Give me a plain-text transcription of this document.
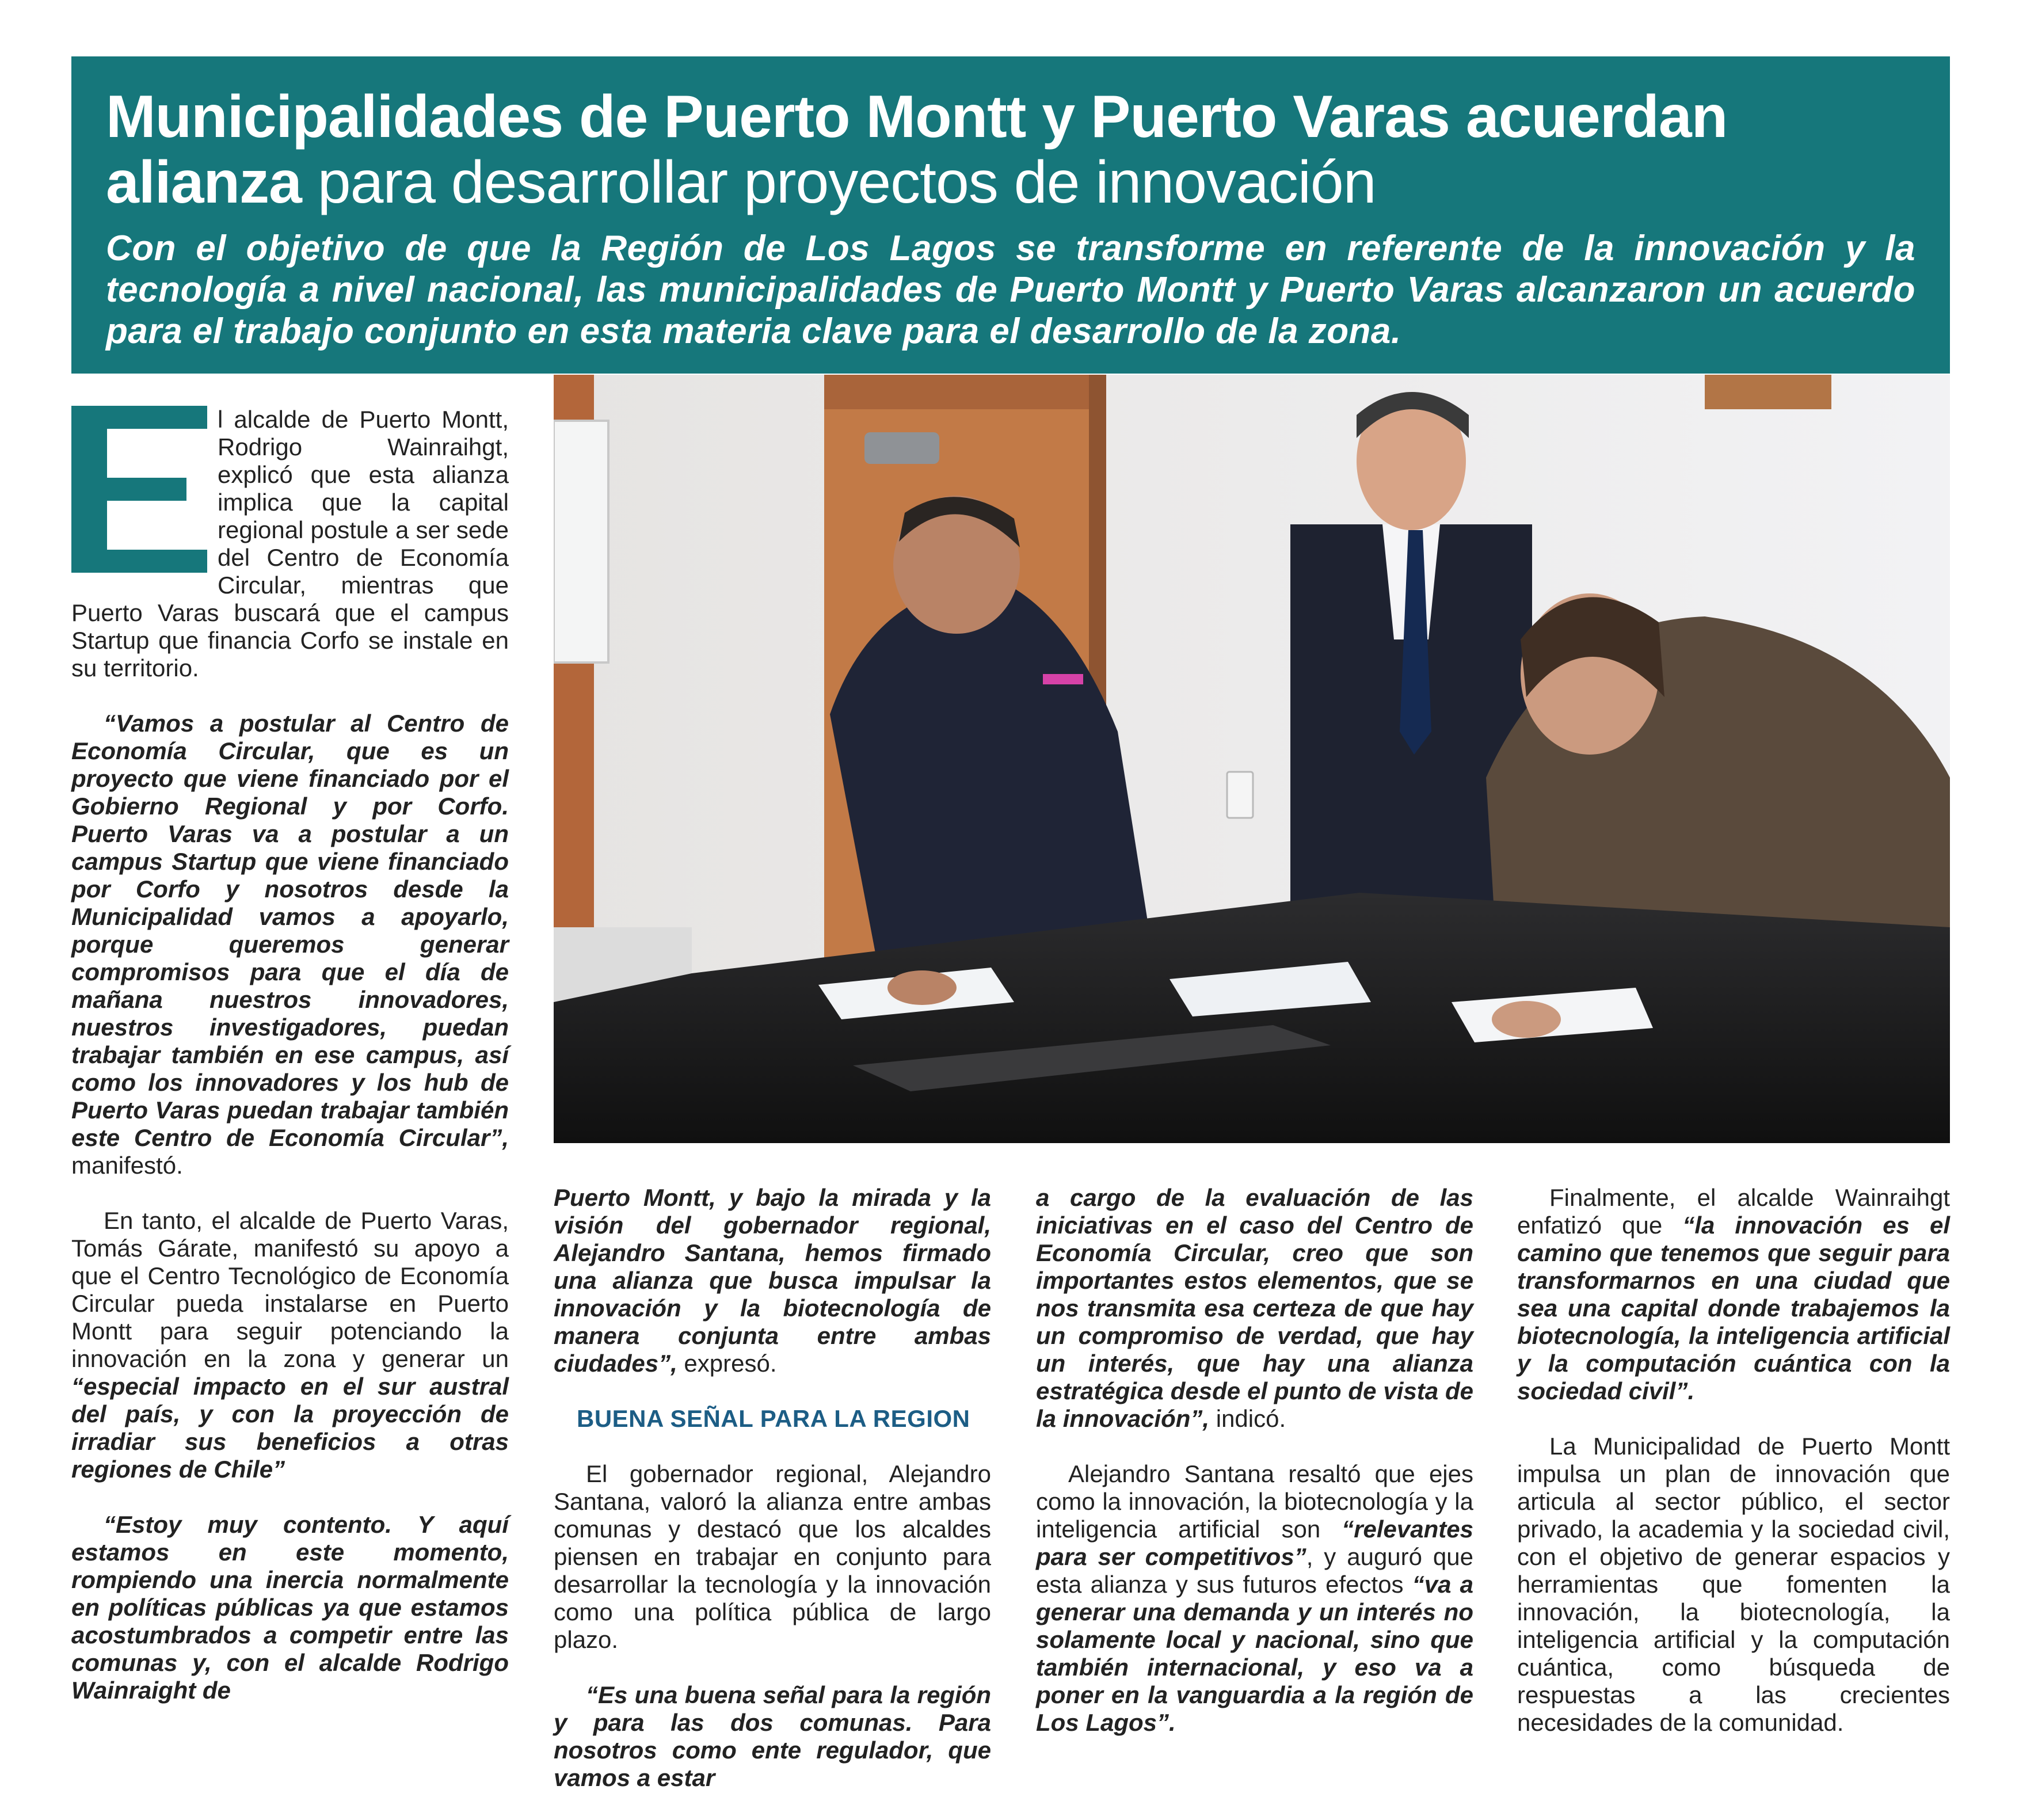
Municipalidades de Puerto Montt y Puerto Varas acuerdan alianza para desarrollar proyectos de innovación
Con el objetivo de que la Región de Los Lagos se transforme en referente de la innovación y la tecnología a nivel nacional, las municipalidades de Puerto Montt y Puerto Varas alcanzaron un acuerdo para el trabajo conjunto en esta materia clave para el desarrollo de la zona.

l alcalde de Puerto Montt, Rodrigo Wainraihgt, explicó que esta alianza implica que la capital regional postule a ser sede del Centro de Economía Circular, mientras que Puerto Varas buscará que el campus Startup que financia Corfo se instale en su territorio.

“Vamos a postular al Centro de Economía Circular, que es un proyecto que viene financiado por el Gobierno Regional y por Corfo. Puerto Varas va a postular a un campus Startup que viene financiado por Corfo y nosotros desde la Municipalidad vamos a apoyarlo, porque queremos generar compromisos para que el día de mañana nuestros innovadores, nuestros investigadores, puedan trabajar también en ese campus, así como los innovadores y los hub de Puerto Varas puedan trabajar también este Centro de Economía Circular”, manifestó.

En tanto, el alcalde de Puerto Varas, Tomás Gárate, manifestó su apoyo a que el Centro Tecnológico de Economía Circular pueda instalarse en Puerto Montt para seguir potenciando la innovación en la zona y generar un “especial impacto en el sur austral del país, y con la proyección de irradiar sus beneficios a otras regiones de Chile”

“Estoy muy contento. Y aquí estamos en este momento, rompiendo una inercia normalmente en políticas públicas ya que estamos acostumbrados a competir entre las comunas y, con el alcalde Rodrigo Wainraight de

Puerto Montt, y bajo la mirada y la visión del gobernador regional, Alejandro Santana, hemos firmado una alianza que busca impulsar la innovación y la biotecnología de manera conjunta entre ambas ciudades”, expresó.

BUENA SEÑAL PARA LA REGION

El gobernador regional, Alejandro Santana, valoró la alianza entre ambas comunas y destacó que los alcaldes piensen en trabajar en conjunto para desarrollar la tecnología y la innovación como una política pública de largo plazo.

“Es una buena señal para la región y para las dos comunas. Para nosotros como ente regulador, que vamos a estar

a cargo de la evaluación de las iniciativas en el caso del Centro de Economía Circular, creo que son importantes estos elementos, que se nos transmita esa certeza de que hay un compromiso de verdad, que hay un interés, que hay una alianza estratégica desde el punto de vista de la innovación”, indicó.

Alejandro Santana resaltó que ejes como la innovación, la biotecnología y la inteligencia artificial son “relevantes para ser competitivos”, y auguró que esta alianza y sus futuros efectos “va a generar una demanda y un interés no solamente local y nacional, sino que también internacional, y eso va a poner en la vanguardia a la región de Los Lagos”.

Finalmente, el alcalde Wainraihgt enfatizó que “la innovación es el camino que tenemos que seguir para transformarnos en una ciudad que sea una capital donde trabajemos la biotecnología, la inteligencia artificial y la computación cuántica con la sociedad civil”.

La Municipalidad de Puerto Montt impulsa un plan de innovación que articula al sector público, el sector privado, la academia y la sociedad civil, con el objetivo de generar espacios y herramientas que fomenten la innovación, la biotecnología, la inteligencia artificial y la computación cuántica, como búsqueda de respuestas a las crecientes necesidades de la comunidad.
